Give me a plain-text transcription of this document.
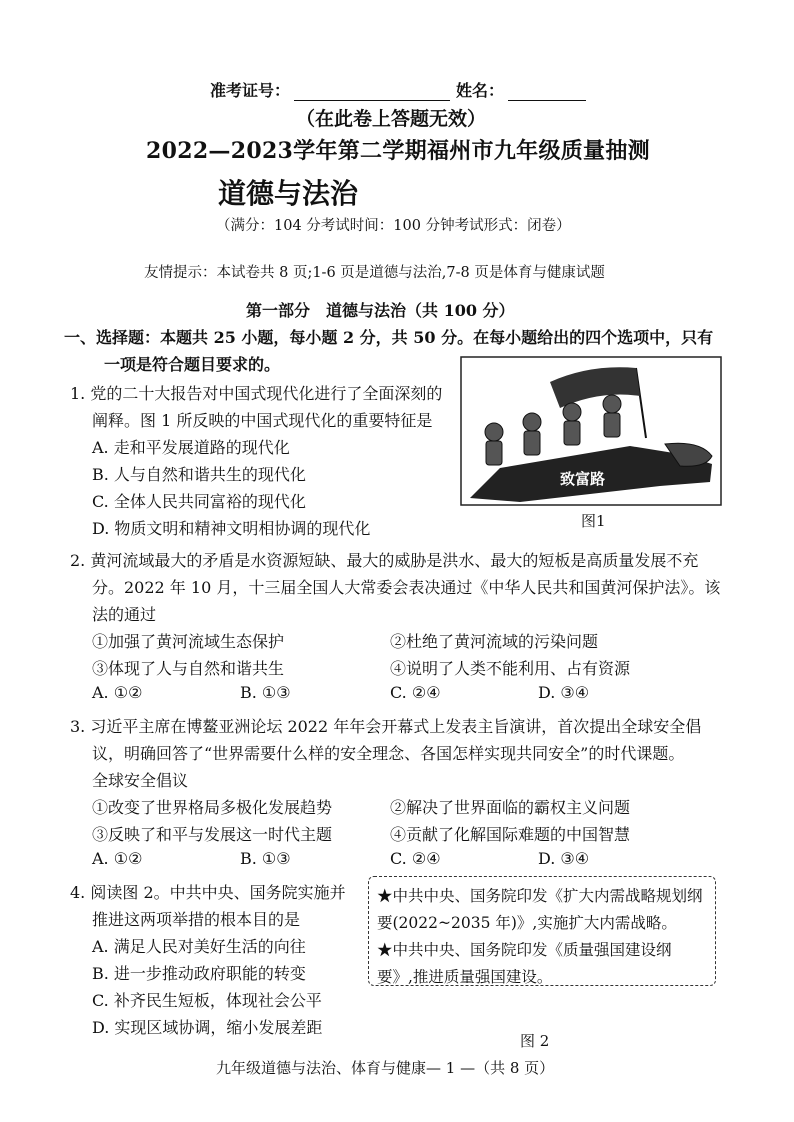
准考证号：	姓名：
（在此卷上答题无效）
2022—2023学年第二学期福州市九年级质量抽测
道德与法治
（满分：104 分考试时间：100 分钟考试形式：闭卷）
友情提示：本试卷共 8 页;1-6 页是道德与法治,7-8 页是体育与健康试题
第一部分　道德与法治（共 100 分）
一、选择题：本题共 25 小题，每小题 2 分，共 50 分。在每小题给出的四个选项中，只有
一项是符合题目要求的。
1. 党的二十大报告对中国式现代化进行了全面深刻的
阐释。图 1 所反映的中国式现代化的重要特征是
A. 走和平发展道路的现代化
B. 人与自然和谐共生的现代化
C. 全体人民共同富裕的现代化
D. 物质文明和精神文明相协调的现代化
致富路
图1
2. 黄河流域最大的矛盾是水资源短缺、最大的威胁是洪水、最大的短板是高质量发展不充
分。2022 年 10 月，十三届全国人大常委会表决通过《中华人民共和国黄河保护法》。该
法的通过
①加强了黄河流域生态保护	②杜绝了黄河流域的污染问题
③体现了人与自然和谐共生	④说明了人类不能利用、占有资源
A. ①②	B. ①③	C. ②④	D. ③④
3. 习近平主席在博鳌亚洲论坛 2022 年年会开幕式上发表主旨演讲，首次提出全球安全倡
议，明确回答了“世界需要什么样的安全理念、各国怎样实现共同安全”的时代课题。
全球安全倡议
①改变了世界格局多极化发展趋势	②解决了世界面临的霸权主义问题
③反映了和平与发展这一时代主题	④贡献了化解国际难题的中国智慧
A. ①②	B. ①③	C. ②④	D. ③④
4. 阅读图 2。中共中央、国务院实施并
推进这两项举措的根本目的是
A. 满足人民对美好生活的向往
B. 进一步推动政府职能的转变
C. 补齐民生短板，体现社会公平
D. 实现区域协调，缩小发展差距
★中共中央、国务院印发《扩大内需战略规划纲要(2022~2035 年)》,实施扩大内需战略。
★中共中央、国务院印发《质量强国建设纲要》,推进质量强国建设。
图 2
九年级道德与法治、体育与健康— 1 —（共 8 页）
